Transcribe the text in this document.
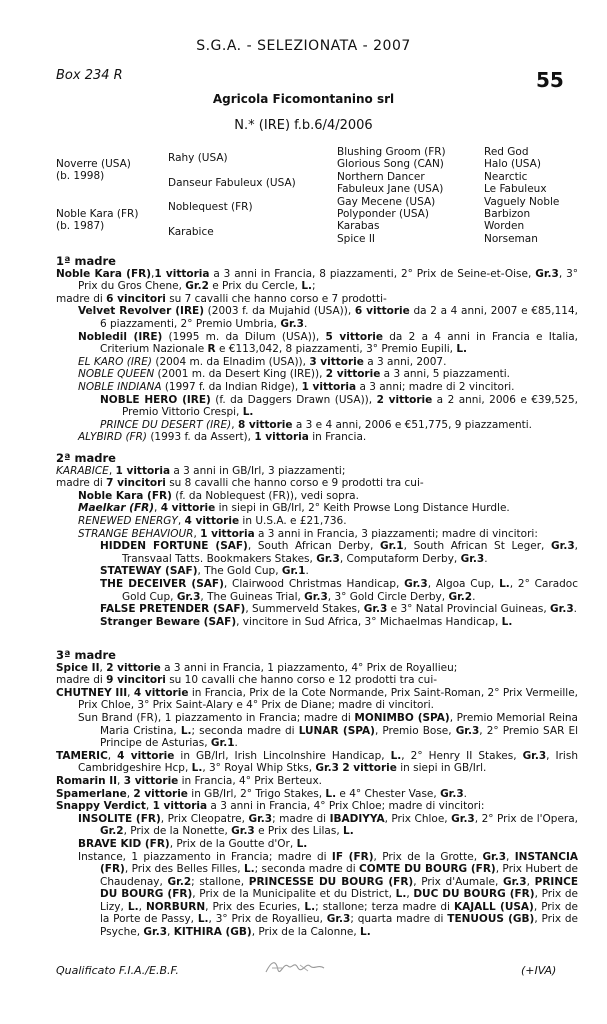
S.G.A. - SELEZIONATA - 2007
Box 234 R	55
Agricola Ficomontanino srl
N.* (IRE) f.b.6/4/2006
Noverre (USA)
(b. 1998)
Noble Kara (FR)
(b. 1987)
Rahy (USA)
Danseur Fabuleux (USA)
Noblequest (FR)
Karabice
Blushing Groom (FR)
Glorious Song (CAN)
Northern Dancer
Fabuleux Jane (USA)
Gay Mecene (USA)
Polyponder (USA)
Karabas
Spice II
Red God
Halo (USA)
Nearctic
Le Fabuleux
Vaguely Noble
Barbizon
Worden
Norseman

1ª madre

Noble Kara (FR),1 vittoria a 3 anni in Francia, 8 piazzamenti, 2° Prix de Seine-et-Oise, Gr.3, 3° Prix du Gros Chene, Gr.2 e Prix du Cercle, L.;

madre di 6 vincitori su 7 cavalli che hanno corso e 7 prodotti-

Velvet Revolver (IRE) (2003 f. da Mujahid (USA)), 6 vittorie da 2 a 4 anni, 2007 e €85,114, 6 piazzamenti, 2° Premio Umbria, Gr.3.

Nobledil (IRE) (1995 m. da Dilum (USA)), 5 vittorie da 2 a 4 anni in Francia e Italia, Criterium Nazionale R e €113,042, 8 piazzamenti, 3° Premio Eupili, L.

EL KARO (IRE) (2004 m. da Elnadim (USA)), 3 vittorie a 3 anni, 2007.

NOBLE QUEEN (2001 m. da Desert King (IRE)), 2 vittorie a 3 anni, 5 piazzamenti.

NOBLE INDIANA (1997 f. da Indian Ridge), 1 vittoria a 3 anni; madre di 2 vincitori.

NOBLE HERO (IRE) (f. da Daggers Drawn (USA)), 2 vittorie a 2 anni, 2006 e €39,525, Premio Vittorio Crespi, L.

PRINCE DU DESERT (IRE), 8 vittorie a 3 e 4 anni, 2006 e €51,775, 9 piazzamenti.

ALYBIRD (FR) (1993 f. da Assert), 1 vittoria in Francia.

2ª madre

KARABICE, 1 vittoria a 3 anni in GB/Irl, 3 piazzamenti;

madre di 7 vincitori su 8 cavalli che hanno corso e 9 prodotti tra cui-

Noble Kara (FR) (f. da Noblequest (FR)), vedi sopra.

Maelkar (FR), 4 vittorie in siepi in GB/Irl, 2° Keith Prowse Long Distance Hurdle.

RENEWED ENERGY, 4 vittorie in U.S.A. e £21,736.

STRANGE BEHAVIOUR, 1 vittoria a 3 anni in Francia, 3 piazzamenti; madre di vincitori:

HIDDEN FORTUNE (SAF), South African Derby, Gr.1, South African St Leger, Gr.3, Transvaal Tatts. Bookmakers Stakes, Gr.3, Computaform Derby, Gr.3.

STATEWAY (SAF), The Gold Cup, Gr.1.

THE DECEIVER (SAF), Clairwood Christmas Handicap, Gr.3, Algoa Cup, L., 2° Caradoc Gold Cup, Gr.3, The Guineas Trial, Gr.3, 3° Gold Circle Derby, Gr.2.

FALSE PRETENDER (SAF), Summerveld Stakes, Gr.3 e 3° Natal Provincial Guineas, Gr.3.

Stranger Beware (SAF), vincitore in Sud Africa, 3° Michaelmas Handicap, L.

3ª madre

Spice II, 2 vittorie a 3 anni in Francia, 1 piazzamento, 4° Prix de Royallieu;

madre di 9 vincitori su 10 cavalli che hanno corso e 12 prodotti tra cui-

CHUTNEY III, 4 vittorie in Francia, Prix de la Cote Normande, Prix Saint-Roman, 2° Prix Vermeille, Prix Chloe, 3° Prix Saint-Alary e 4° Prix de Diane; madre di vincitori.

Sun Brand (FR), 1 piazzamento in Francia; madre di MONIMBO (SPA), Premio Memorial Reina Maria Cristina, L.; seconda madre di LUNAR (SPA), Premio Bose, Gr.3, 2° Premio SAR El Principe de Asturias, Gr.1.

TAMERIC, 4 vittorie in GB/Irl, Irish Lincolnshire Handicap, L., 2° Henry II Stakes, Gr.3, Irish Cambridgeshire Hcp, L., 3° Royal Whip Stks, Gr.3 2 vittorie in siepi in GB/Irl.

Romarin II, 3 vittorie in Francia, 4° Prix Berteux.

Spamerlane, 2 vittorie in GB/Irl, 2° Trigo Stakes, L. e 4° Chester Vase, Gr.3.

Snappy Verdict, 1 vittoria a 3 anni in Francia, 4° Prix Chloe; madre di vincitori:

INSOLITE (FR), Prix Cleopatre, Gr.3; madre di IBADIYYA, Prix Chloe, Gr.3, 2° Prix de l'Opera, Gr.2, Prix de la Nonette, Gr.3 e Prix des Lilas, L.

BRAVE KID (FR), Prix de la Goutte d'Or, L.

Instance, 1 piazzamento in Francia; madre di IF (FR), Prix de la Grotte, Gr.3, INSTANCIA (FR), Prix des Belles Filles, L.; seconda madre di COMTE DU BOURG (FR), Prix Hubert de Chaudenay, Gr.2; stallone, PRINCESSE DU BOURG (FR), Prix d'Aumale, Gr.3, PRINCE DU BOURG (FR), Prix de la Municipalite et du District, L., DUC DU BOURG (FR), Prix de Lizy, L., NORBURN, Prix des Ecuries, L.; stallone; terza madre di KAJALL (USA), Prix de la Porte de Passy, L., 3° Prix de Royallieu, Gr.3; quarta madre di TENUOUS (GB), Prix de Psyche, Gr.3, KITHIRA (GB), Prix de la Calonne, L.

Qualificato F.I.A./E.B.F.	(+IVA)
